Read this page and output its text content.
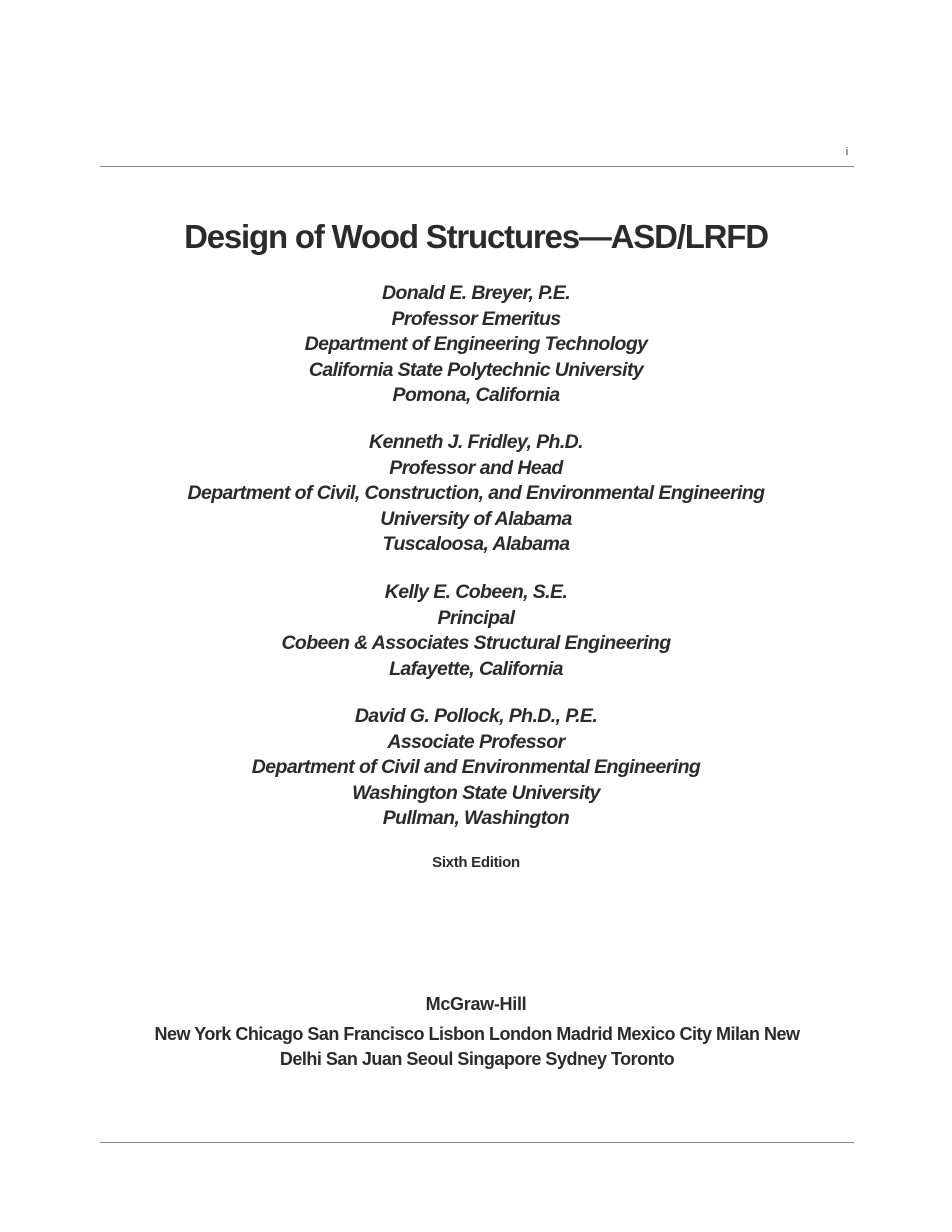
i
Design of Wood Structures—ASD/LRFD
Donald E. Breyer, P.E.
Professor Emeritus
Department of Engineering Technology
California State Polytechnic University
Pomona, California
Kenneth J. Fridley, Ph.D.
Professor and Head
Department of Civil, Construction, and Environmental Engineering
University of Alabama
Tuscaloosa, Alabama
Kelly E. Cobeen, S.E.
Principal
Cobeen & Associates Structural Engineering
Lafayette, California
David G. Pollock, Ph.D., P.E.
Associate Professor
Department of Civil and Environmental Engineering
Washington State University
Pullman, Washington
Sixth Edition
McGraw-Hill
New York Chicago San Francisco Lisbon London Madrid Mexico City Milan New
Delhi San Juan Seoul Singapore Sydney Toronto
